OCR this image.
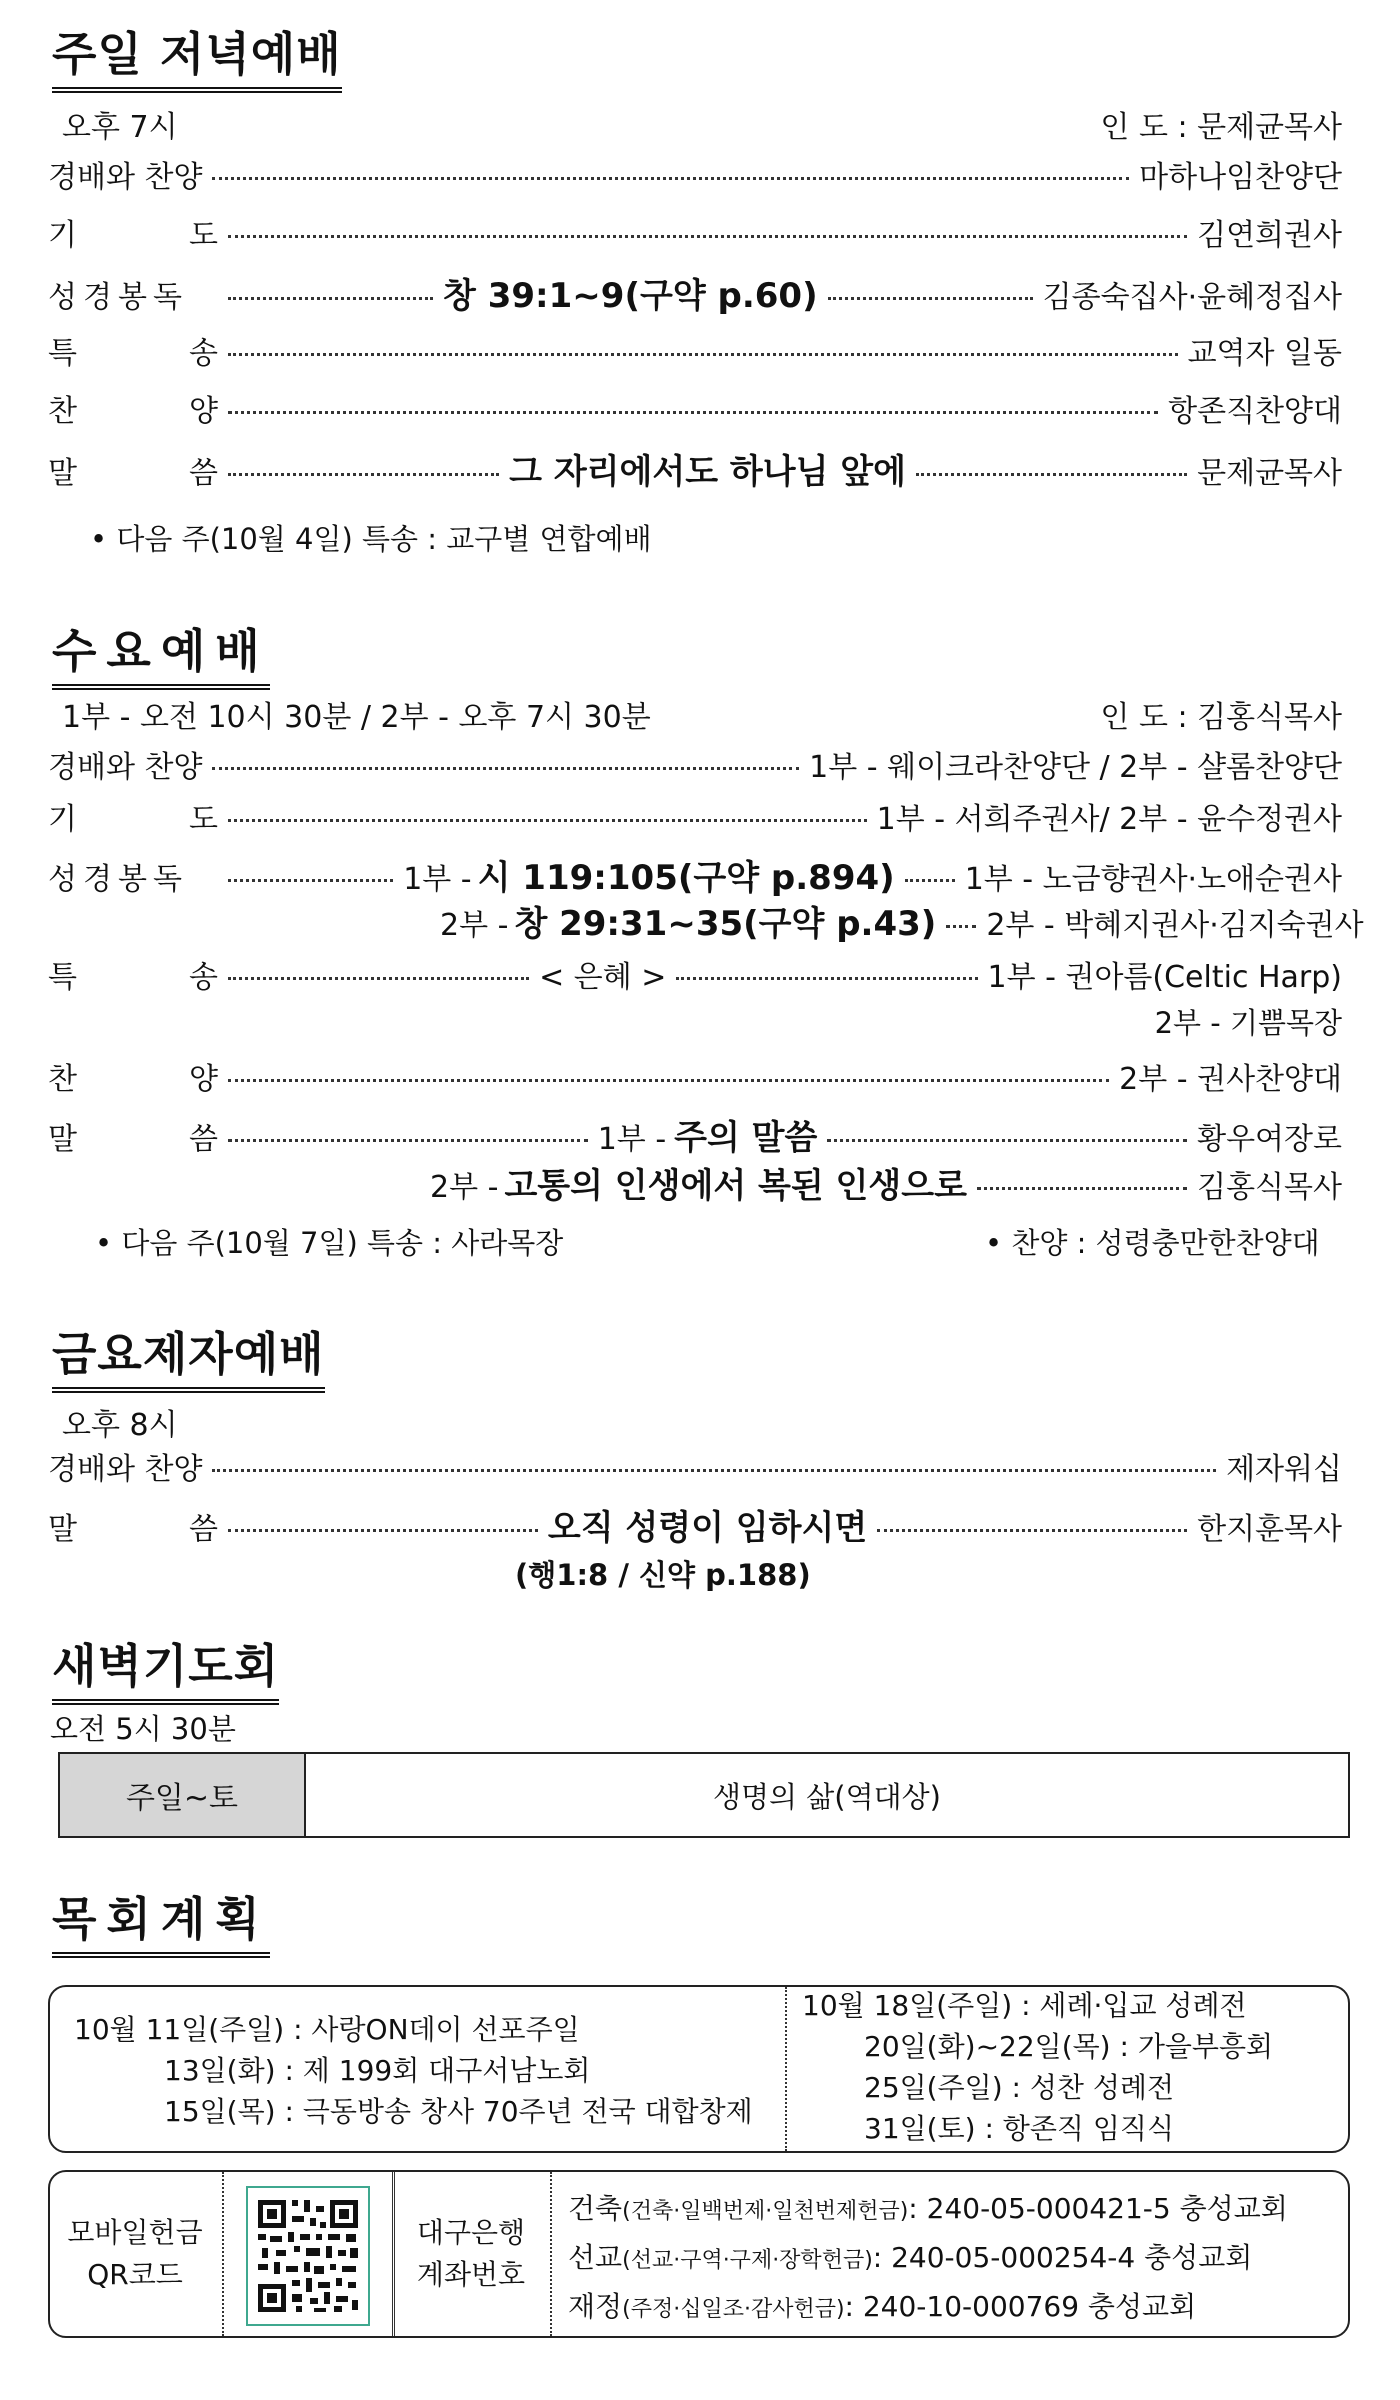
주일 저녁예배
오후 7시	인 도 : 문제균목사
경배와 찬양	마하나임찬양단
기	도	김연희권사
성경봉독	창 39:1~9(구약 p.60)	김종숙집사·윤혜정집사
특	송	교역자 일동
찬	양	항존직찬양대
말	씀	그 자리에서도 하나님 앞에	문제균목사
• 다음 주(10월 4일) 특송 : 교구별 연합예배
수요예배
1부 - 오전 10시 30분 / 2부 - 오후 7시 30분	인 도 : 김홍식목사
경배와 찬양	1부 - 웨이크라찬양단 / 2부 - 샬롬찬양단
기	도	1부 - 서희주권사/ 2부 - 윤수정권사
성경봉독	1부 - 시 119:105(구약 p.894) 1부 - 노금향권사·노애순권사
2부 - 창 29:31~35(구약 p.43) 2부 - 박혜지권사·김지숙권사
특	송	< 은혜 >	1부 - 권아름(Celtic Harp)
2부 - 기쁨목장
찬	양	2부 - 권사찬양대
말	씀	1부 - 주의 말씀	황우여장로
2부 - 고통의 인생에서 복된 인생으로	김홍식목사
• 다음 주(10월 7일) 특송 : 사라목장	• 찬양 : 성령충만한찬양대
금요제자예배
오후 8시
경배와 찬양	제자워십
말	씀	오직 성령이 임하시면	한지훈목사
(행1:8 / 신약 p.188)
새벽기도회
오전 5시 30분
주일~토	생명의 삶(역대상)
목회계획
10월 11일(주일) : 사랑ON데이 선포주일
13일(화) : 제 199회 대구서남노회
15일(목) : 극동방송 창사 70주년 전국 대합창제
10월 18일(주일) : 세례·입교 성례전
20일(화)~22일(목) : 가을부흥회
25일(주일) : 성찬 성례전
31일(토) : 항존직 임직식
모바일헌금
QR코드
대구은행
계좌번호
건축(건축·일백번제·일천번제헌금): 240-05-000421-5 충성교회
선교(선교·구역·구제·장학헌금): 240-05-000254-4 충성교회
재정(주정·십일조·감사헌금): 240-10-000769 충성교회
